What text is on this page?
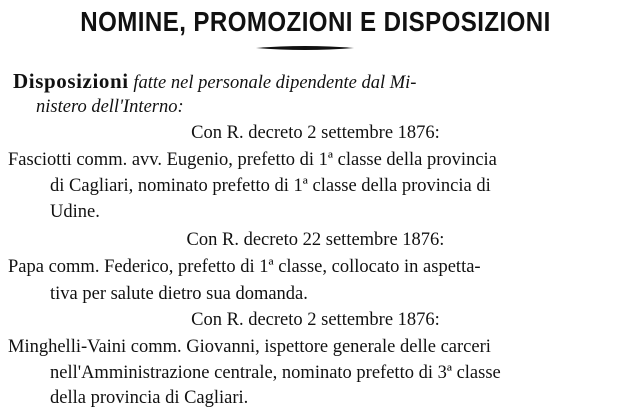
NOMINE, PROMOZIONI E DISPOSIZIONI
Disposizioni fatte nel personale dipendente dal Mi-
nistero dell'Interno:
Con R. decreto 2 settembre 1876:
Fasciotti comm. avv. Eugenio, prefetto di 1ª classe della provincia
di Cagliari, nominato prefetto di 1ª classe della provincia di
Udine.
Con R. decreto 22 settembre 1876:
Papa comm. Federico, prefetto di 1ª classe, collocato in aspetta-
tiva per salute dietro sua domanda.
Con R. decreto 2 settembre 1876:
Minghelli-Vaini comm. Giovanni, ispettore generale delle carceri
nell'Amministrazione centrale, nominato prefetto di 3ª classe
della provincia di Cagliari.
